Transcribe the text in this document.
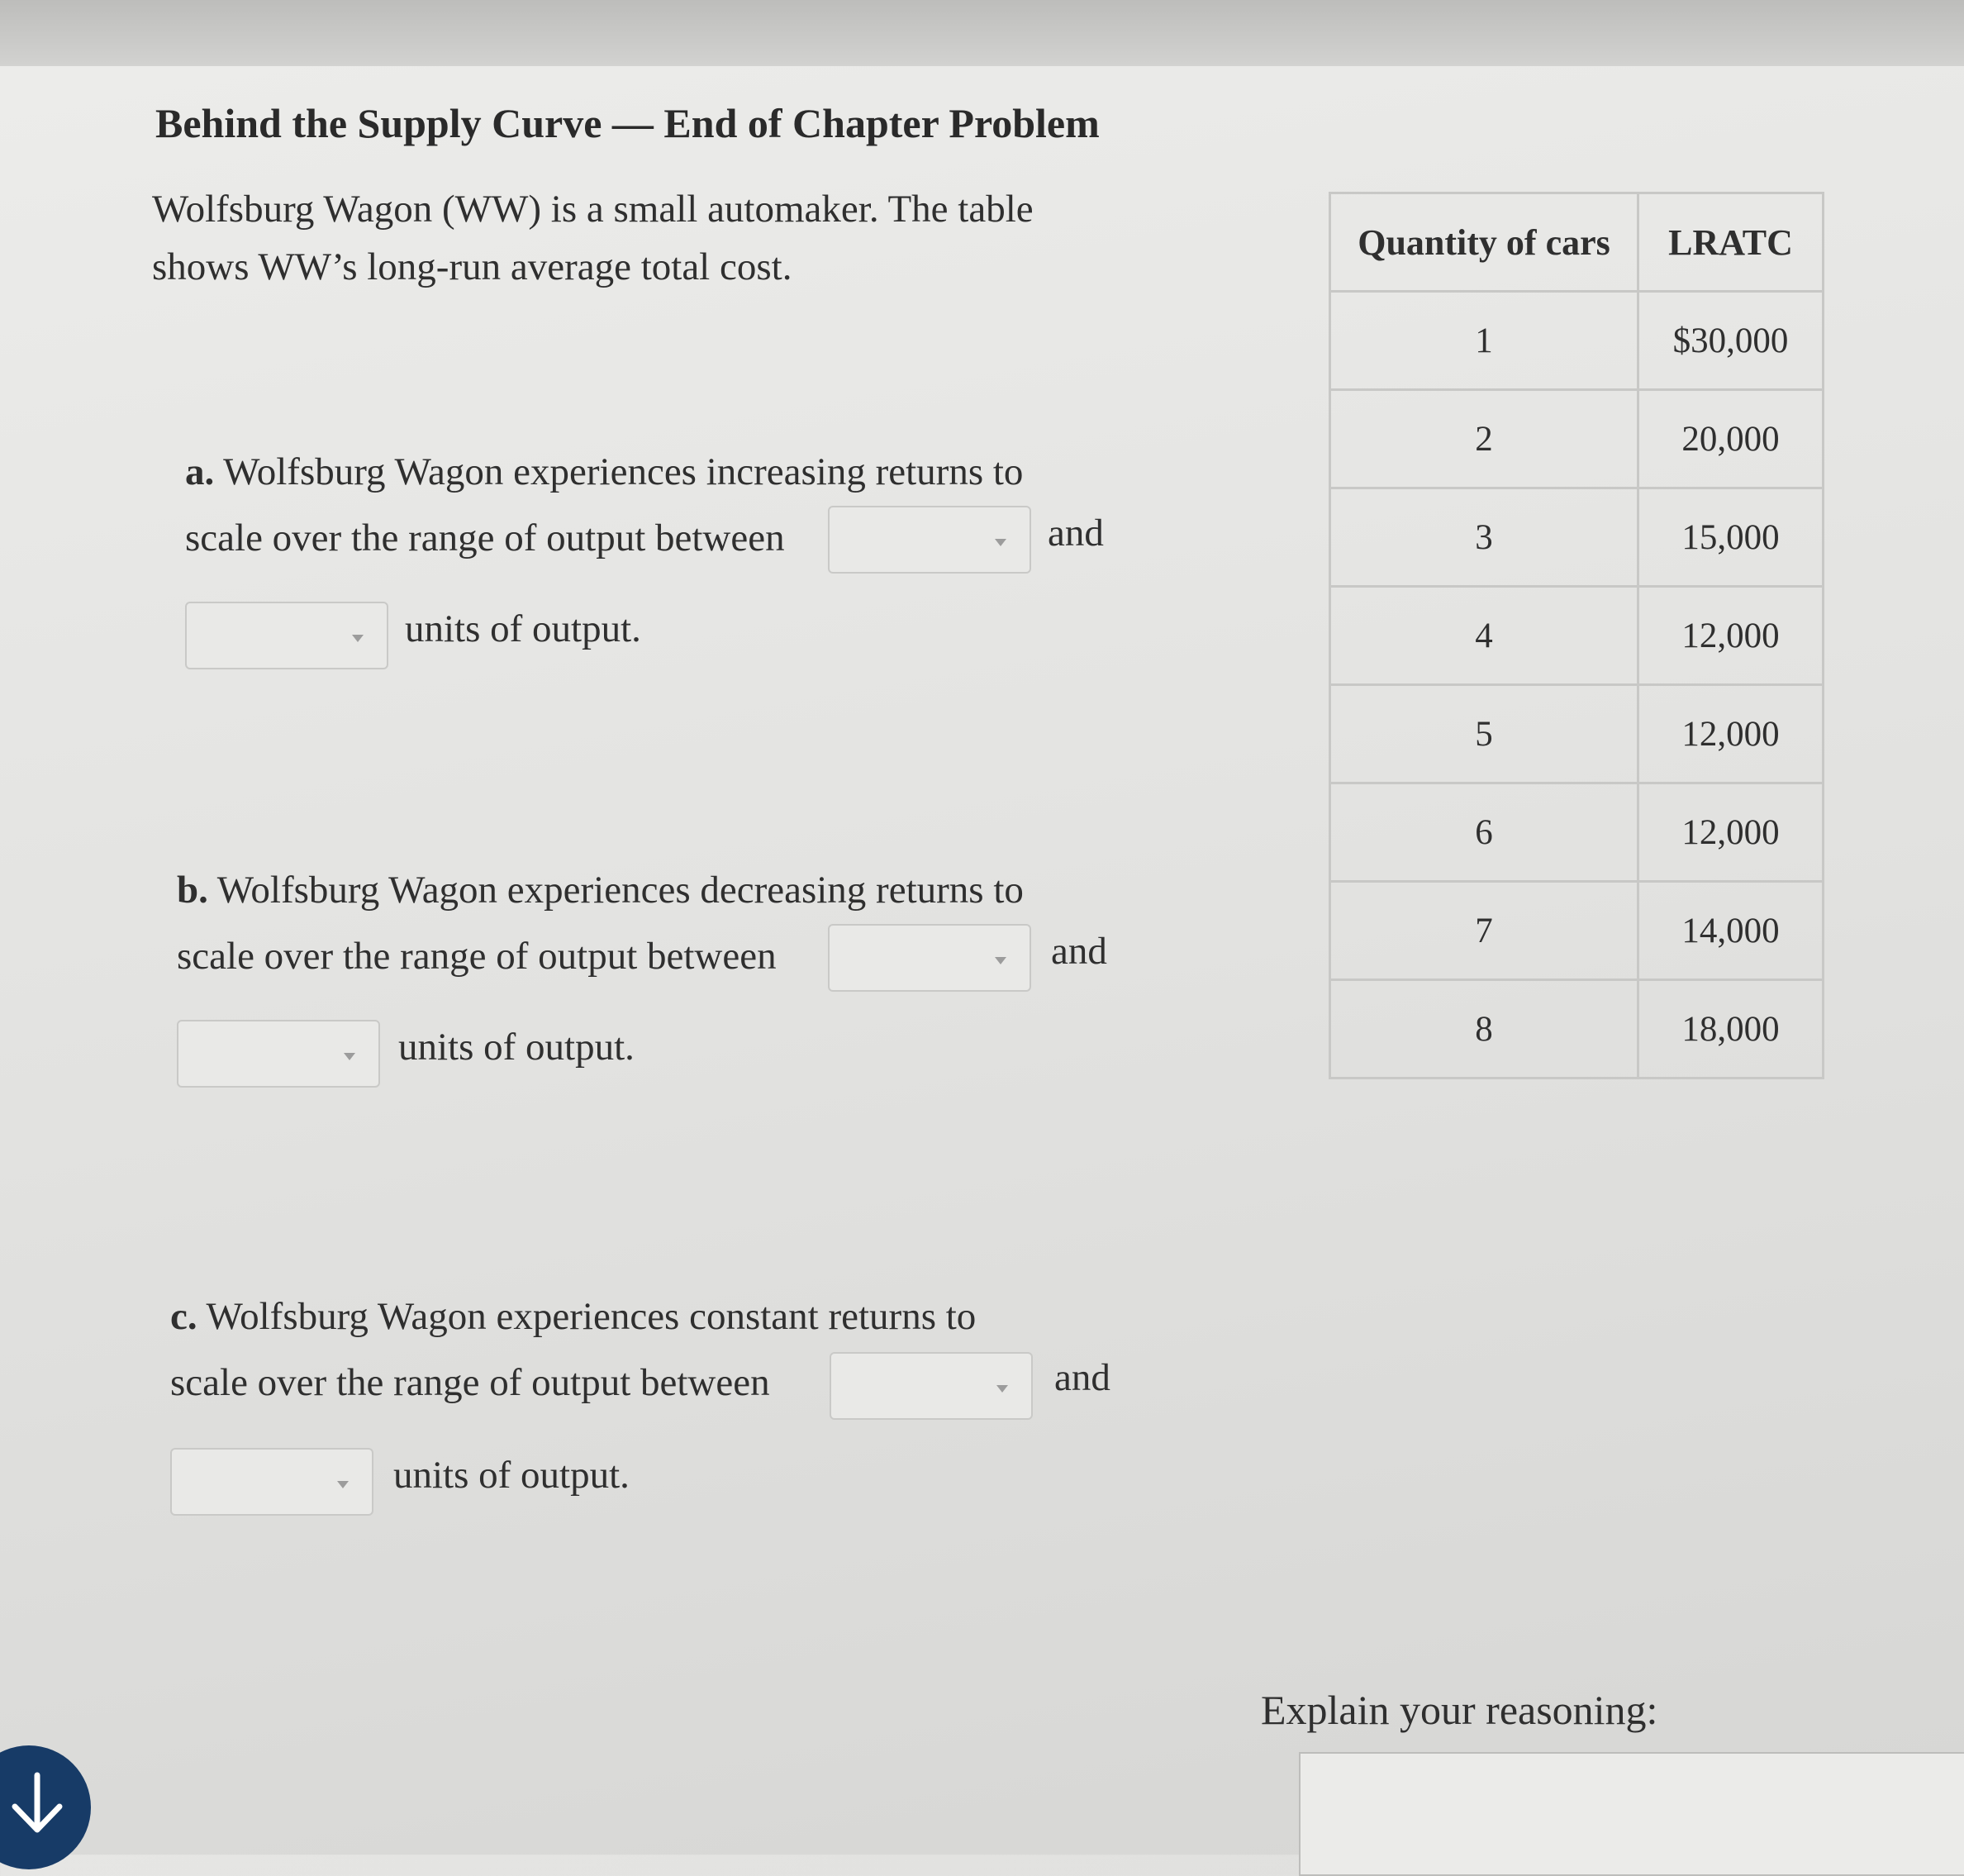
Behind the Supply Curve — End of Chapter Problem
Wolfsburg Wagon (WW) is a small automaker. The table shows WW’s long-run average total cost.
a. Wolfsburg Wagon experiences increasing returns to
scale over the range of output between	and
units of output.
b. Wolfsburg Wagon experiences decreasing returns to
scale over the range of output between	and
units of output.
c. Wolfsburg Wagon experiences constant returns to
scale over the range of output between	and
units of output.
Quantity of cars	LRATC
1	$30,000
2	20,000
3	15,000
4	12,000
5	12,000
6	12,000
7	14,000
8	18,000
Explain your reasoning:
